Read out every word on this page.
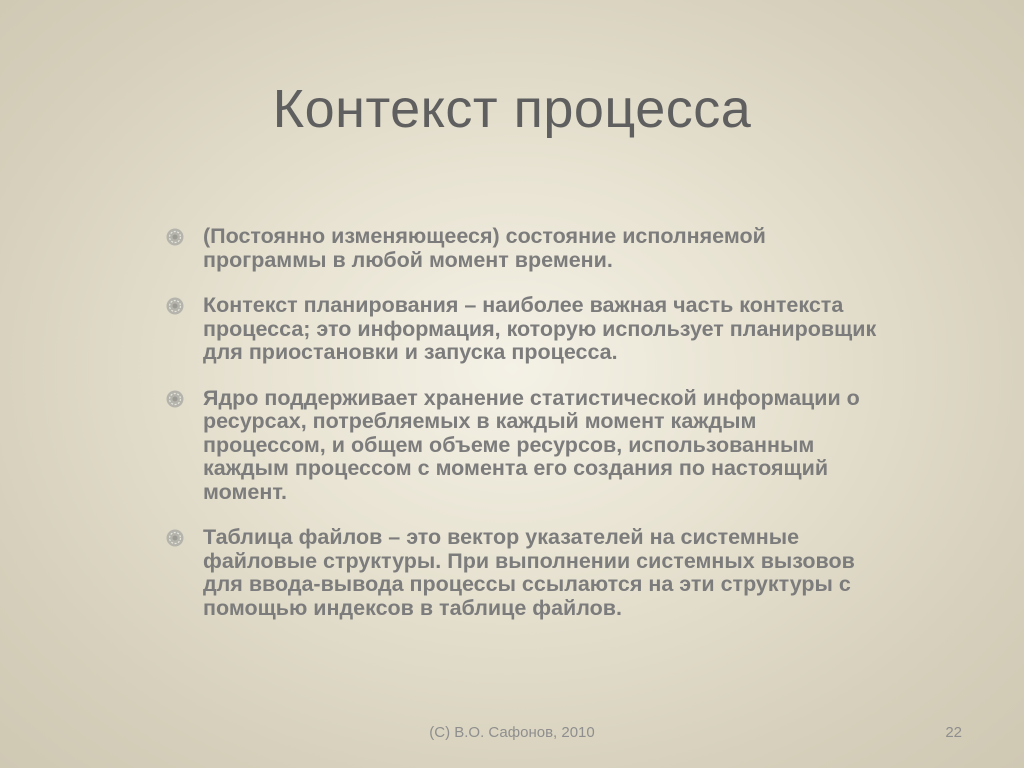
Контекст процесса
(Постоянно изменяющееся) состояние исполняемой программы в любой момент времени.
Контекст планирования – наиболее важная часть контекста процесса; это информация, которую использует планировщик для приостановки и запуска процесса.
Ядро поддерживает хранение статистической информации о ресурсах, потребляемых в каждый момент каждым процессом, и общем объеме ресурсов, использованным каждым процессом с момента его создания по настоящий момент.
Таблица файлов – это вектор указателей на системные файловые структуры. При выполнении системных вызовов для ввода-вывода процессы ссылаются на эти структуры с помощью индексов в таблице файлов.
(C) В.О. Сафонов, 2010	22
